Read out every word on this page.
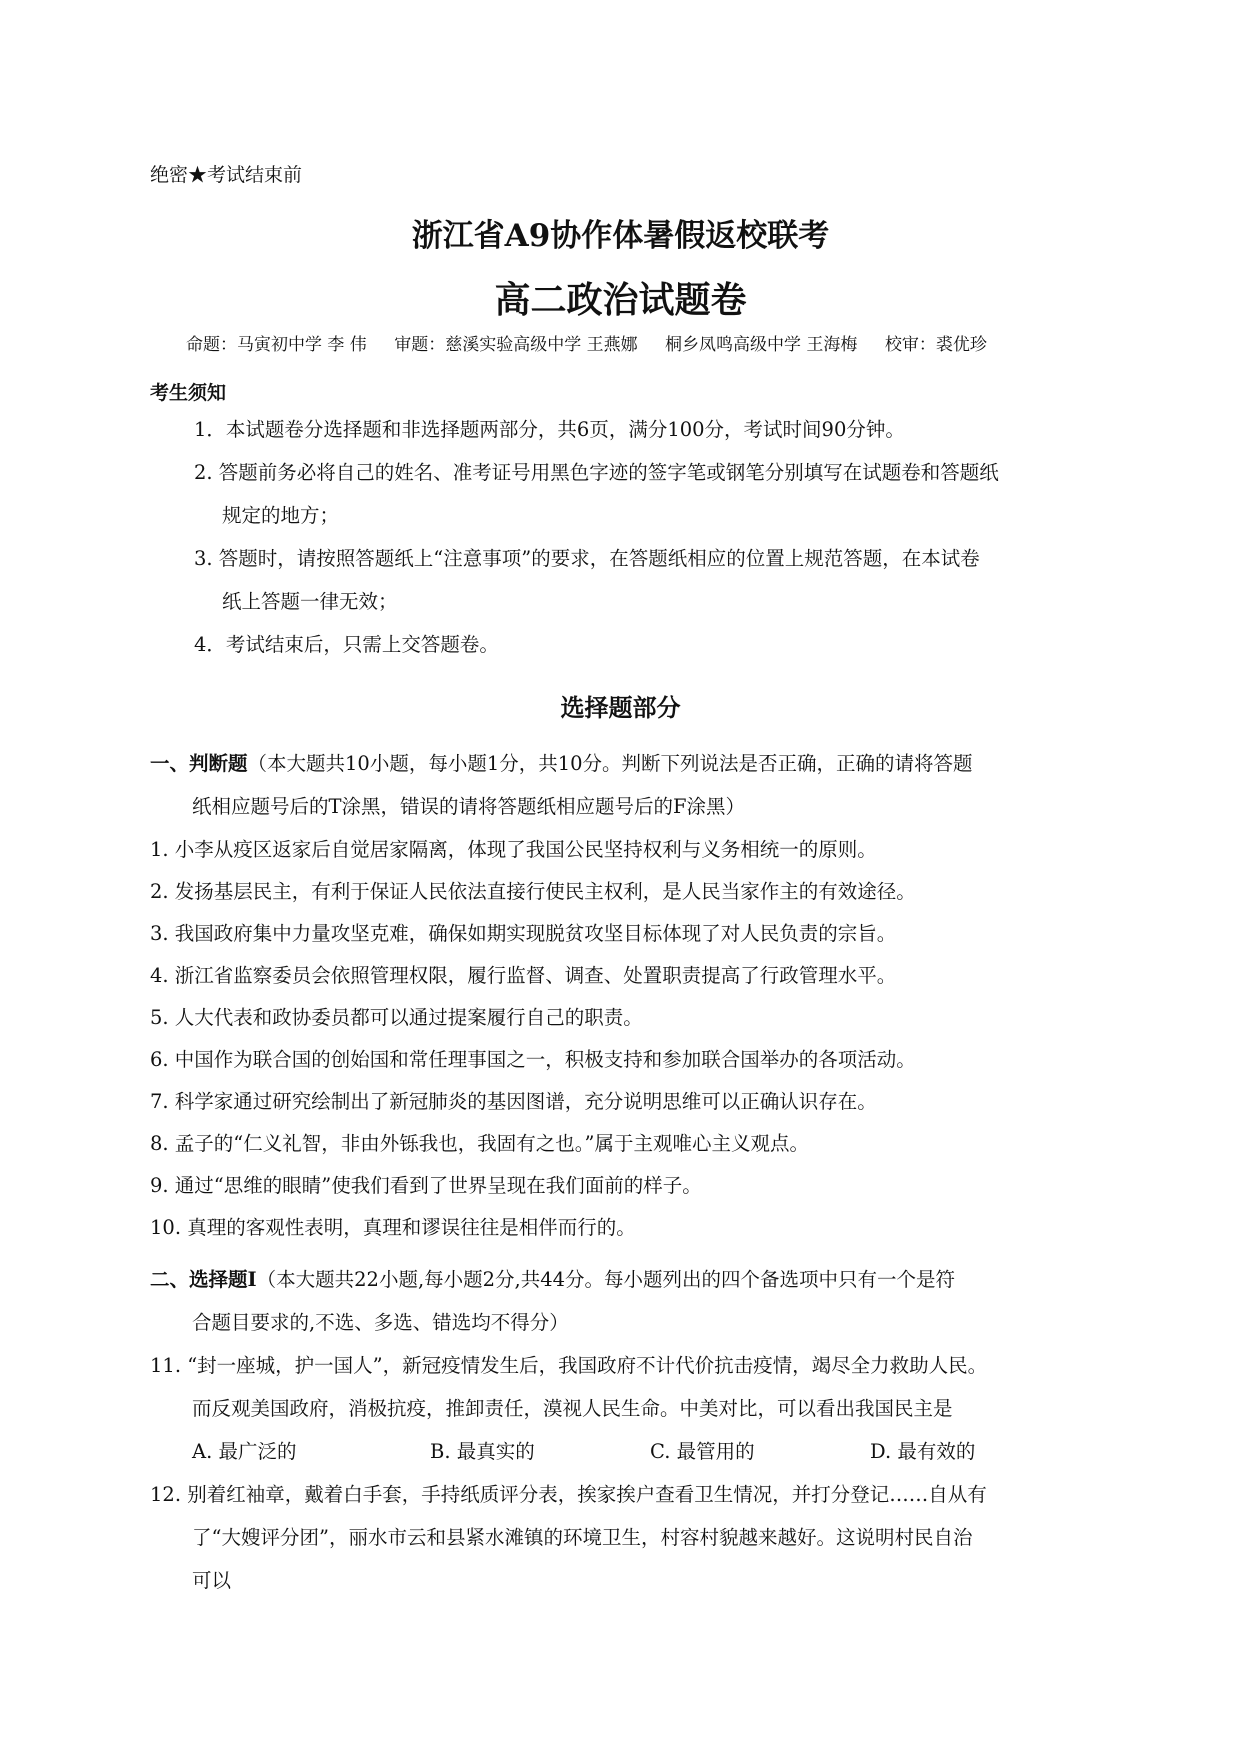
绝密★考试结束前
浙江省A9协作体暑假返校联考
高二政治试题卷
命题：马寅初中学 李 伟 审题：慈溪实验高级中学 王燕娜 桐乡凤鸣高级中学 王海梅 校审：裘优珍
考生须知
1．本试题卷分选择题和非选择题两部分，共6页，满分100分，考试时间90分钟。
2. 答题前务必将自己的姓名、准考证号用黑色字迹的签字笔或钢笔分别填写在试题卷和答题纸
规定的地方；
3. 答题时，请按照答题纸上“注意事项”的要求，在答题纸相应的位置上规范答题，在本试卷
纸上答题一律无效；
4．考试结束后，只需上交答题卷。
选择题部分
一、判断题（本大题共10小题，每小题1分，共10分。判断下列说法是否正确，正确的请将答题
纸相应题号后的T涂黑，错误的请将答题纸相应题号后的F涂黑）
1. 小李从疫区返家后自觉居家隔离，体现了我国公民坚持权利与义务相统一的原则。
2. 发扬基层民主，有利于保证人民依法直接行使民主权利，是人民当家作主的有效途径。
3. 我国政府集中力量攻坚克难，确保如期实现脱贫攻坚目标体现了对人民负责的宗旨。
4. 浙江省监察委员会依照管理权限，履行监督、调查、处置职责提高了行政管理水平。
5. 人大代表和政协委员都可以通过提案履行自己的职责。
6. 中国作为联合国的创始国和常任理事国之一，积极支持和参加联合国举办的各项活动。
7. 科学家通过研究绘制出了新冠肺炎的基因图谱，充分说明思维可以正确认识存在。
8. 孟子的“仁义礼智，非由外铄我也，我固有之也。”属于主观唯心主义观点。
9. 通过“思维的眼睛”使我们看到了世界呈现在我们面前的样子。
10. 真理的客观性表明，真理和谬误往往是相伴而行的。
二、选择题Ⅰ（本大题共22小题,每小题2分,共44分。每小题列出的四个备选项中只有一个是符
合题目要求的,不选、多选、错选均不得分）
11. “封一座城，护一国人”，新冠疫情发生后，我国政府不计代价抗击疫情，竭尽全力救助人民。
而反观美国政府，消极抗疫，推卸责任，漠视人民生命。中美对比，可以看出我国民主是
A. 最广泛的	B. 最真实的	C. 最管用的	D. 最有效的
12. 别着红袖章，戴着白手套，手持纸质评分表，挨家挨户查看卫生情况，并打分登记……自从有
了“大嫂评分团”，丽水市云和县紧水滩镇的环境卫生，村容村貌越来越好。这说明村民自治
可以
